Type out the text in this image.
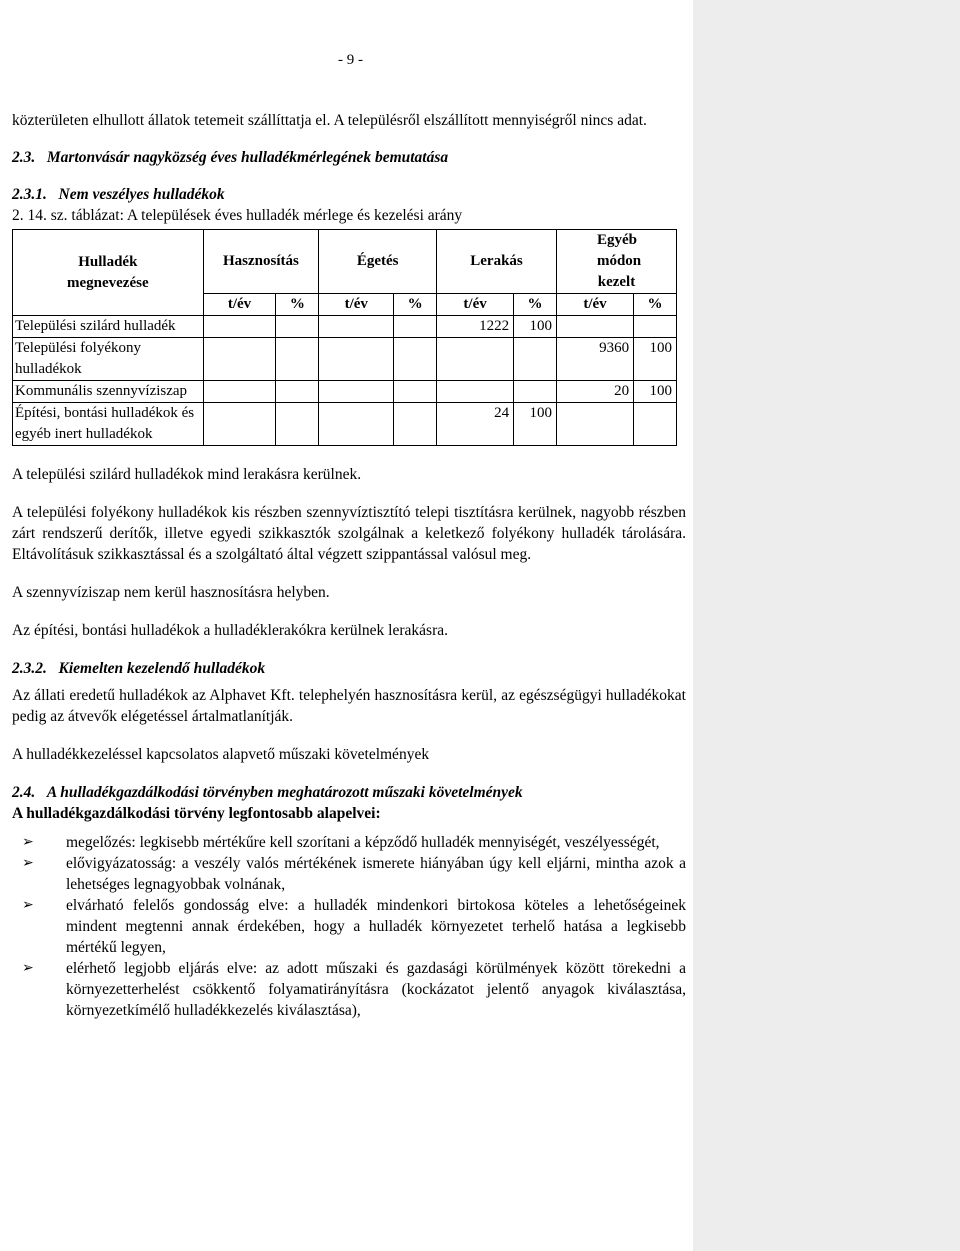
- 9 -

közterületen elhullott állatok tetemeit szállíttatja el. A településről elszállított mennyiségről nincs adat.

2.3. Martonvásár nagyközség éves hulladékmérlegének bemutatása

2.3.1. Nem veszélyes hulladékok

2. 14. sz. táblázat: A települések éves hulladék mérlege és kezelési arány

Hulladék megnevezése	Hasznosítás		Égetés		Lerakás		Egyéb módon kezelt	
	t/év	%	t/év	%	t/év	%	t/év	%
Települési szilárd hulladék					1222	100		
Települési folyékony hulladékok							9360	100
Kommunális szennyvíziszap							20	100
Építési, bontási hulladékok és egyéb inert hulladékok					24	100		

A települési szilárd hulladékok mind lerakásra kerülnek.

A települési folyékony hulladékok kis részben szennyvíztisztító telepi tisztításra kerülnek, nagyobb részben zárt rendszerű derítők, illetve egyedi szikkasztók szolgálnak a keletkező folyékony hulladék tárolására. Eltávolításuk szikkasztással és a szolgáltató által végzett szippantással valósul meg.

A szennyvíziszap nem kerül hasznosításra helyben.

Az építési, bontási hulladékok a hulladéklerakókra kerülnek lerakásra.

2.3.2. Kiemelten kezelendő hulladékok

Az állati eredetű hulladékok az Alphavet Kft. telephelyén hasznosításra kerül, az egészségügyi hulladékokat pedig az átvevők elégetéssel ártalmatlanítják.

A hulladékkezeléssel kapcsolatos alapvető műszaki követelmények

2.4. A hulladékgazdálkodási törvényben meghatározott műszaki követelmények

A hulladékgazdálkodási törvény legfontosabb alapelvei:

➢ megelőzés: legkisebb mértékűre kell szorítani a képződő hulladék mennyiségét, veszélyességét,
➢ elővigyázatosság: a veszély valós mértékének ismerete hiányában úgy kell eljárni, mintha azok a lehetséges legnagyobbak volnának,
➢ elvárható felelős gondosság elve: a hulladék mindenkori birtokosa köteles a lehetőségeinek mindent megtenni annak érdekében, hogy a hulladék környezetet terhelő hatása a legkisebb mértékű legyen,
➢ elérhető legjobb eljárás elve: az adott műszaki és gazdasági körülmények között törekedni a környezetterhelést csökkentő folyamatirányításra (kockázatot jelentő anyagok kiválasztása, környezetkímélő hulladékkezelés kiválasztása),
